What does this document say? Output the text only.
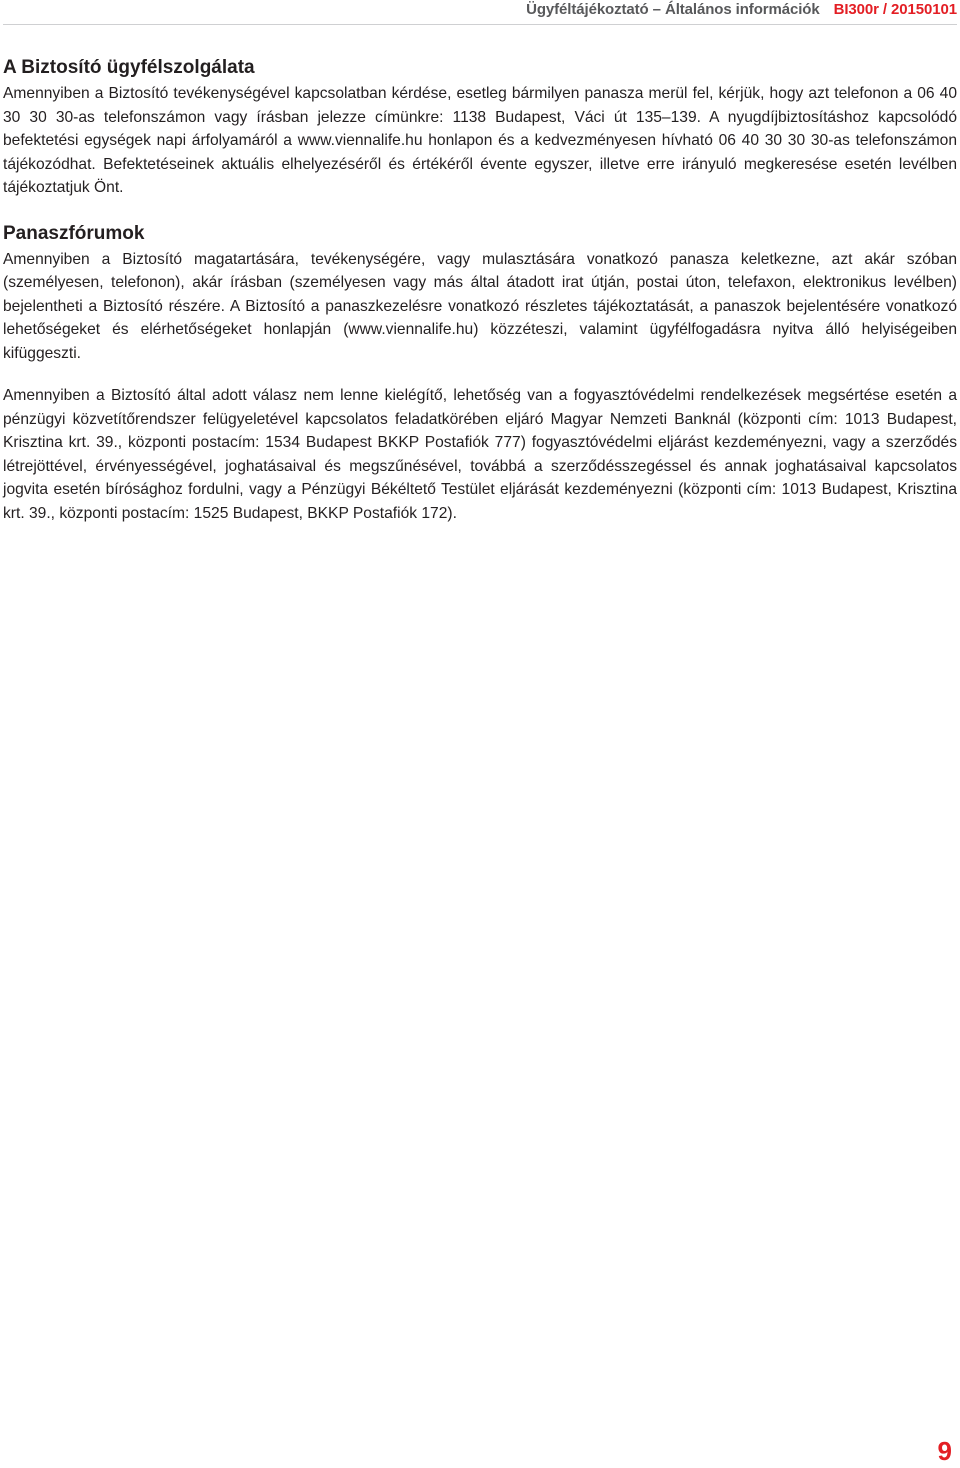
Ügyféltájékoztató – Általános információk BI300r / 20150101
A Biztosító ügyfélszolgálata

Amennyiben a Biztosító tevékenységével kapcsolatban kérdése, esetleg bármilyen panasza merül fel, kérjük, hogy azt telefonon a 06 40 30 30 30-as telefonszámon vagy írásban jelezze címünkre: 1138 Budapest, Váci út 135–139. A nyugdíjbiztosításhoz kapcsolódó befektetési egységek napi árfolyamáról a www.viennalife.hu honlapon és a kedvezményesen hívható 06 40 30 30 30-as telefonszámon tájékozódhat. Befektetéseinek aktuális elhelyezéséről és értékéről évente egyszer, illetve erre irányuló megkeresése esetén levélben tájékoztatjuk Önt.

Panaszfórumok

Amennyiben a Biztosító magatartására, tevékenységére, vagy mulasztására vonatkozó panasza keletkezne, azt akár szóban (személyesen, telefonon), akár írásban (személyesen vagy más által átadott irat útján, postai úton, telefaxon, elektronikus levélben) bejelentheti a Biztosító részére. A Biztosító a panaszkezelésre vonatkozó részletes tájékoztatását, a panaszok bejelentésére vonatkozó lehetőségeket és elérhetőségeket honlapján (www.viennalife.hu) közzéteszi, valamint ügyfélfogadásra nyitva álló helyiségeiben kifüggeszti.

Amennyiben a Biztosító által adott válasz nem lenne kielégítő, lehetőség van a fogyasztóvédelmi rendelkezések megsértése esetén a pénzügyi közvetítőrendszer felügyeletével kapcsolatos feladatkörében eljáró Magyar Nemzeti Banknál (központi cím: 1013 Budapest, Krisztina krt. 39., központi postacím: 1534 Budapest BKKP Postafiók 777) fogyasztóvédelmi eljárást kezdeményezni, vagy a szerződés létrejöttével, érvényességével, joghatásaival és megszűnésével, továbbá a szerződésszegéssel és annak joghatásaival kapcsolatos jogvita esetén bírósághoz fordulni, vagy a Pénzügyi Békéltető Testület eljárását kezdeményezni (központi cím: 1013 Budapest, Krisztina krt. 39., központi postacím: 1525 Budapest, BKKP Postafiók 172).

9
